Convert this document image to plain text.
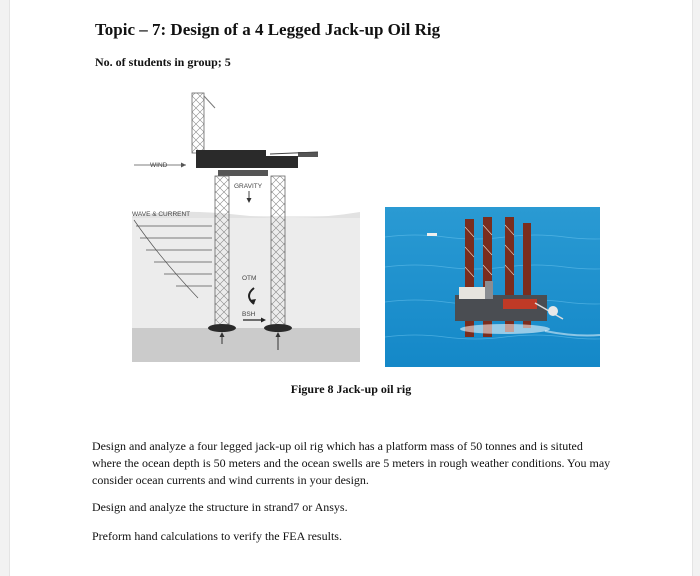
Topic – 7: Design of a 4 Legged Jack-up Oil Rig
No. of students in group; 5
WIND
WAVE & CURRENT
GRAVITY
OTM
BSH
Figure 8 Jack-up oil rig
Design and analyze a four legged jack-up oil rig which has a platform mass of 50 tonnes and is situted where the ocean depth is 50 meters and the ocean swells are 5 meters in rough weather conditions. You may consider ocean currents and wind currents in your design.
Design and analyze the structure in strand7 or Ansys.
Preform hand calculations to verify the FEA results.
